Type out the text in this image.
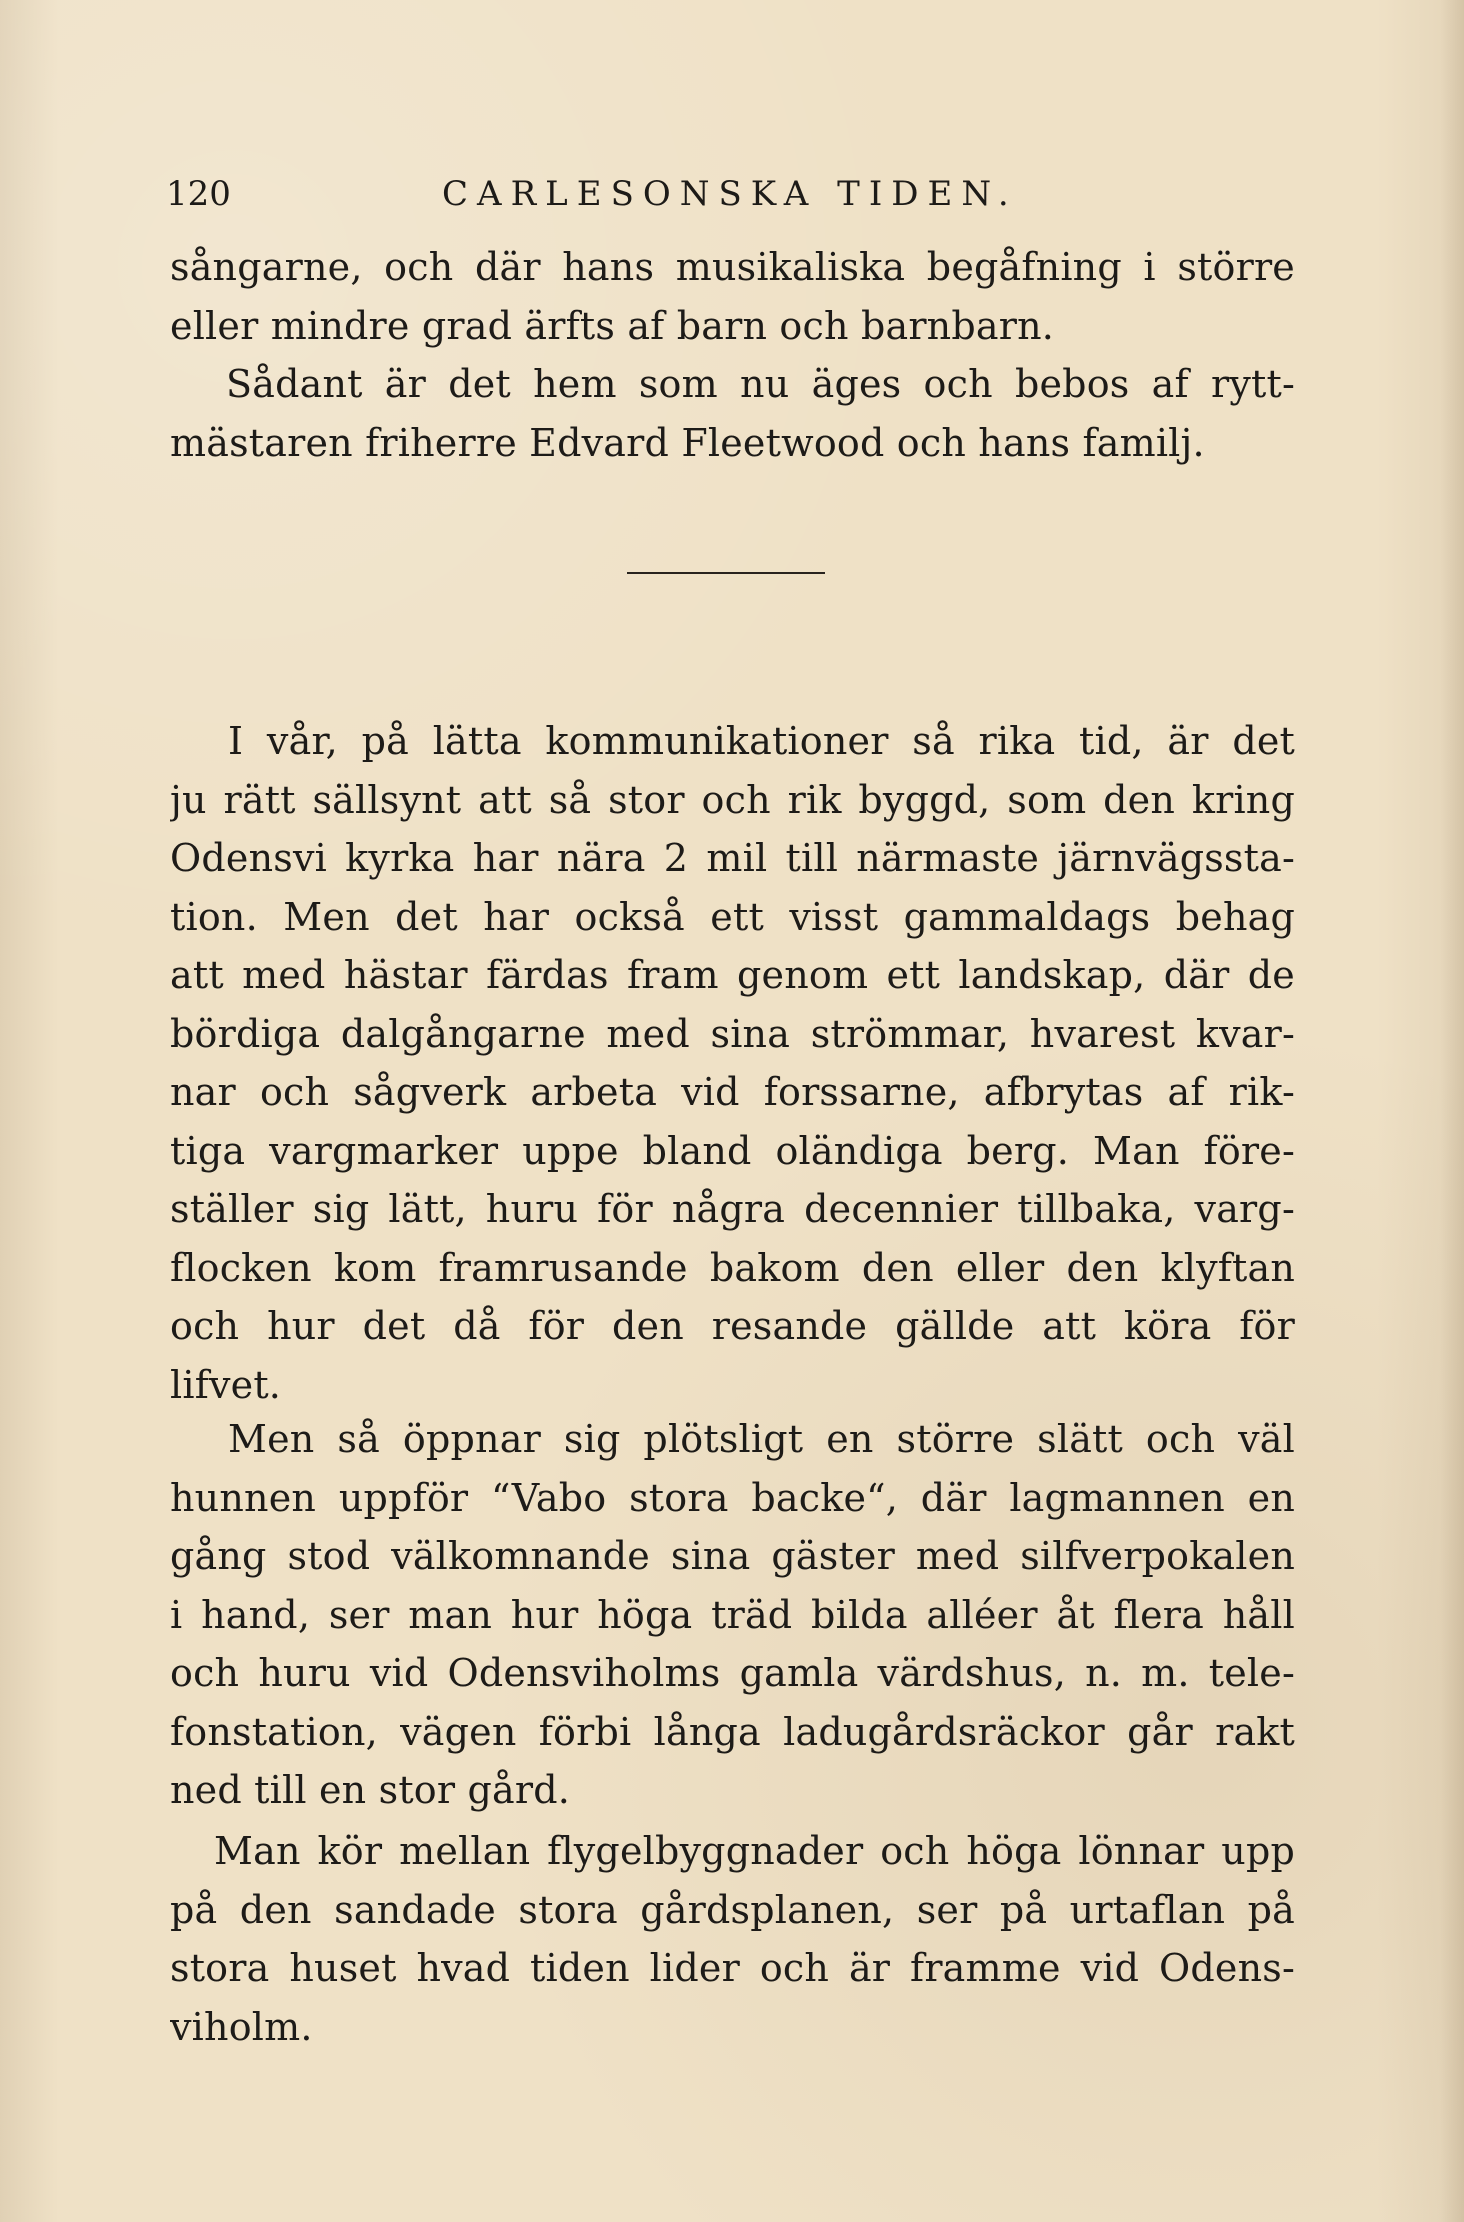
120	CARLESONSKA TIDEN.
sångarne, och där hans musikaliska begåfning i större
eller mindre grad ärfts af barn och barnbarn.
Sådant är det hem som nu äges och bebos af rytt-
mästaren friherre Edvard Fleetwood och hans familj.
I vår, på lätta kommunikationer så rika tid, är det
ju rätt sällsynt att så stor och rik byggd, som den kring
Odensvi kyrka har nära 2 mil till närmaste järnvägssta-
tion. Men det har också ett visst gammaldags behag
att med hästar färdas fram genom ett landskap, där de
bördiga dalgångarne med sina strömmar, hvarest kvar-
nar och sågverk arbeta vid forssarne, afbrytas af rik-
tiga vargmarker uppe bland oländiga berg. Man före-
ställer sig lätt, huru för några decennier tillbaka, varg-
flocken kom framrusande bakom den eller den klyftan
och hur det då för den resande gällde att köra för
lifvet.
Men så öppnar sig plötsligt en större slätt och väl
hunnen uppför “Vabo stora backe“, där lagmannen en
gång stod välkomnande sina gäster med silfverpokalen
i hand, ser man hur höga träd bilda alléer åt flera håll
och huru vid Odensviholms gamla värdshus, n. m. tele-
fonstation, vägen förbi långa ladugårdsräckor går rakt
ned till en stor gård.
Man kör mellan flygelbyggnader och höga lönnar upp
på den sandade stora gårdsplanen, ser på urtaflan på
stora huset hvad tiden lider och är framme vid Odens-
viholm.
